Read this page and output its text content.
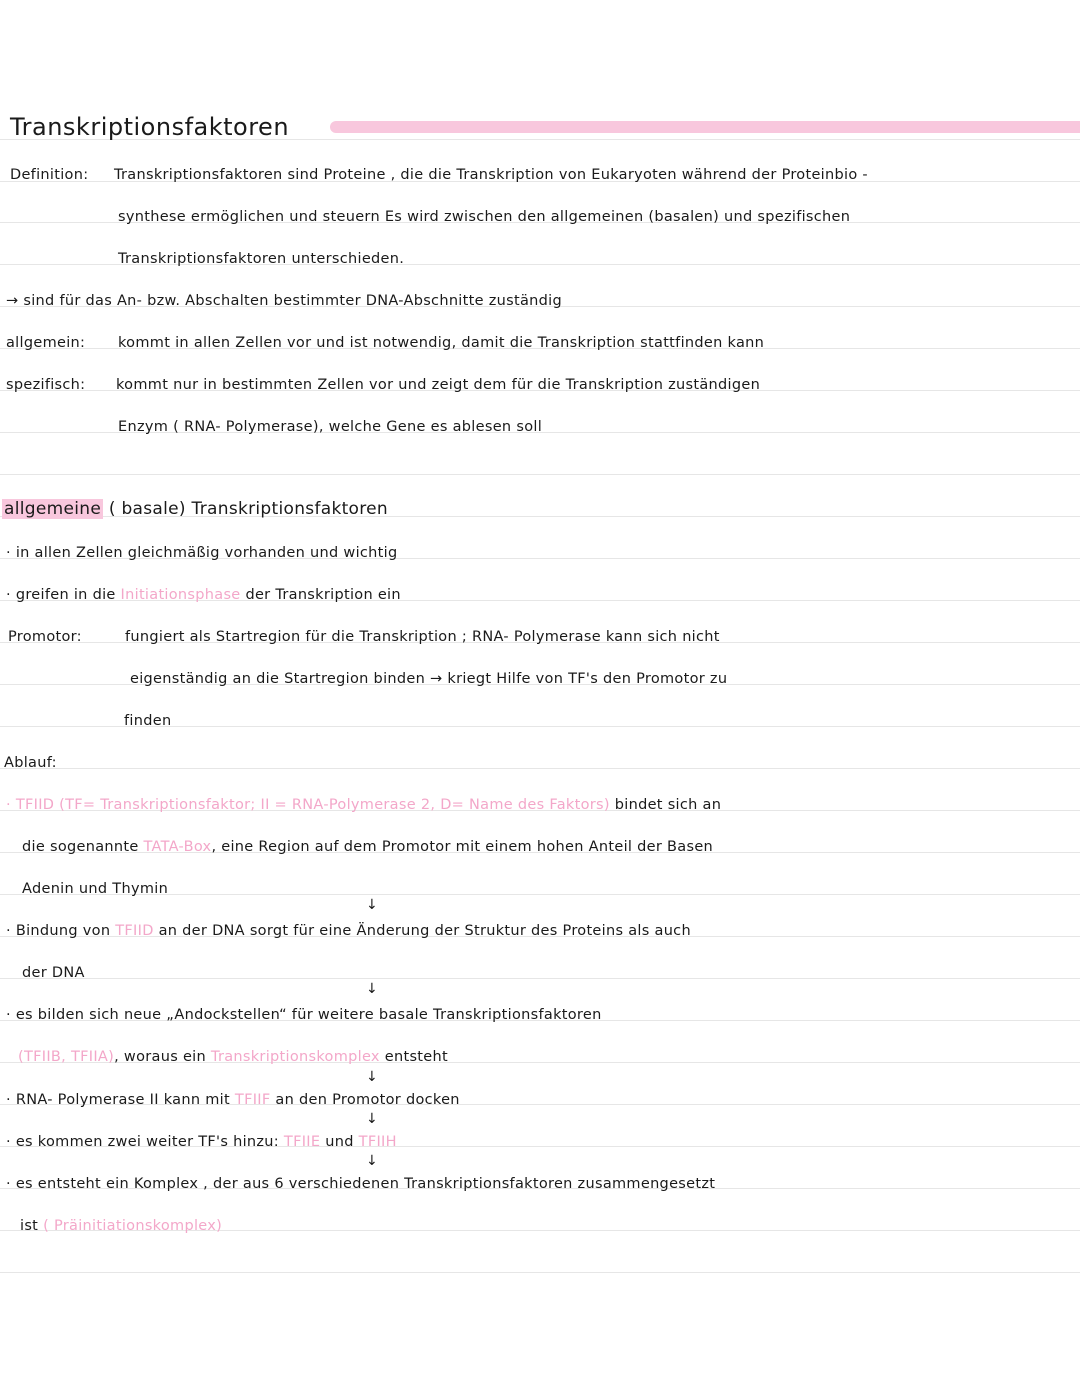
Transkriptionsfaktoren
Definition: Transkriptionsfaktoren sind Proteine , die die Transkription von Eukaryoten während der Proteinbio -
synthese ermöglichen und steuern Es wird zwischen den allgemeinen (basalen) und spezifischen
Transkriptionsfaktoren unterschieden.
→ sind für das An- bzw. Abschalten bestimmter DNA-Abschnitte zuständig
allgemein: kommt in allen Zellen vor und ist notwendig, damit die Transkription stattfinden kann
spezifisch: kommt nur in bestimmten Zellen vor und zeigt dem für die Transkription zuständigen
Enzym ( RNA- Polymerase), welche Gene es ablesen soll
allgemeine ( basale) Transkriptionsfaktoren
· in allen Zellen gleichmäßig vorhanden und wichtig
· greifen in die Initiationsphase der Transkription ein
Promotor:	fungiert als Startregion für die Transkription ; RNA- Polymerase kann sich nicht
eigenständig an die Startregion binden → kriegt Hilfe von TF's den Promotor zu
finden
Ablauf:
· TFIID (TF= Transkriptionsfaktor; II = RNA-Polymerase 2, D= Name des Faktors) bindet sich an
die sogenannte TATA-Box, eine Region auf dem Promotor mit einem hohen Anteil der Basen
Adenin und Thymin
↓
· Bindung von TFIID an der DNA sorgt für eine Änderung der Struktur des Proteins als auch
der DNA
↓
· es bilden sich neue „Andockstellen“ für weitere basale Transkriptionsfaktoren
(TFIIB, TFIIA), woraus ein Transkriptionskomplex entsteht
↓
· RNA- Polymerase II kann mit TFIIF an den Promotor docken
↓
· es kommen zwei weiter TF's hinzu: TFIIE und TFIIH
↓
· es entsteht ein Komplex , der aus 6 verschiedenen Transkriptionsfaktoren zusammengesetzt
ist ( Präinitiationskomplex)
